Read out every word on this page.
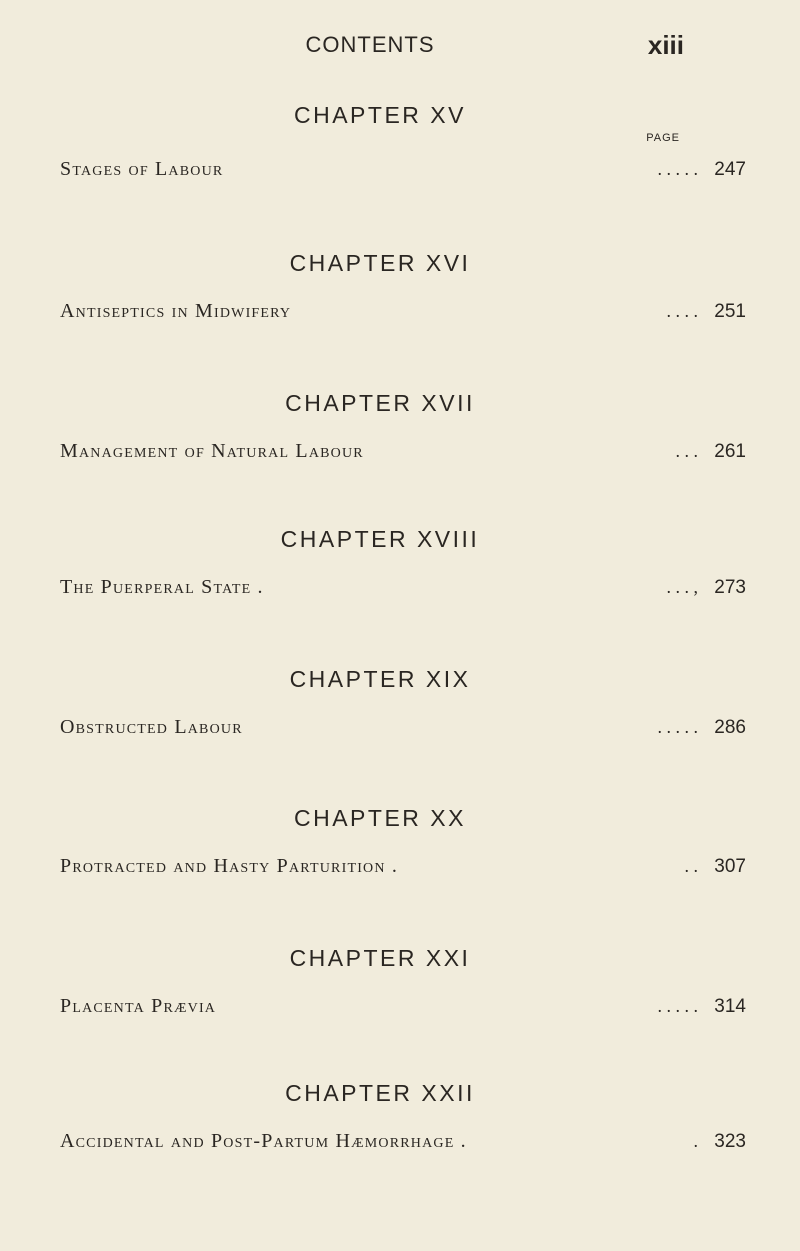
CONTENTS	xiii
CHAPTER XV
PAGE
Stages of Labour	. . . . . 247
CHAPTER XVI
Antiseptics in Midwifery	. . . . 251
CHAPTER XVII
Management of Natural Labour	. . . 261
CHAPTER XVIII
The Puerperal State .	. . . , 273
CHAPTER XIX
Obstructed Labour	. . . . . 286
CHAPTER XX
Protracted and Hasty Parturition .	. . 307
CHAPTER XXI
Placenta Prævia	. . . . . 314
CHAPTER XXII
Accidental and Post-Partum Hæmorrhage .	. 323
